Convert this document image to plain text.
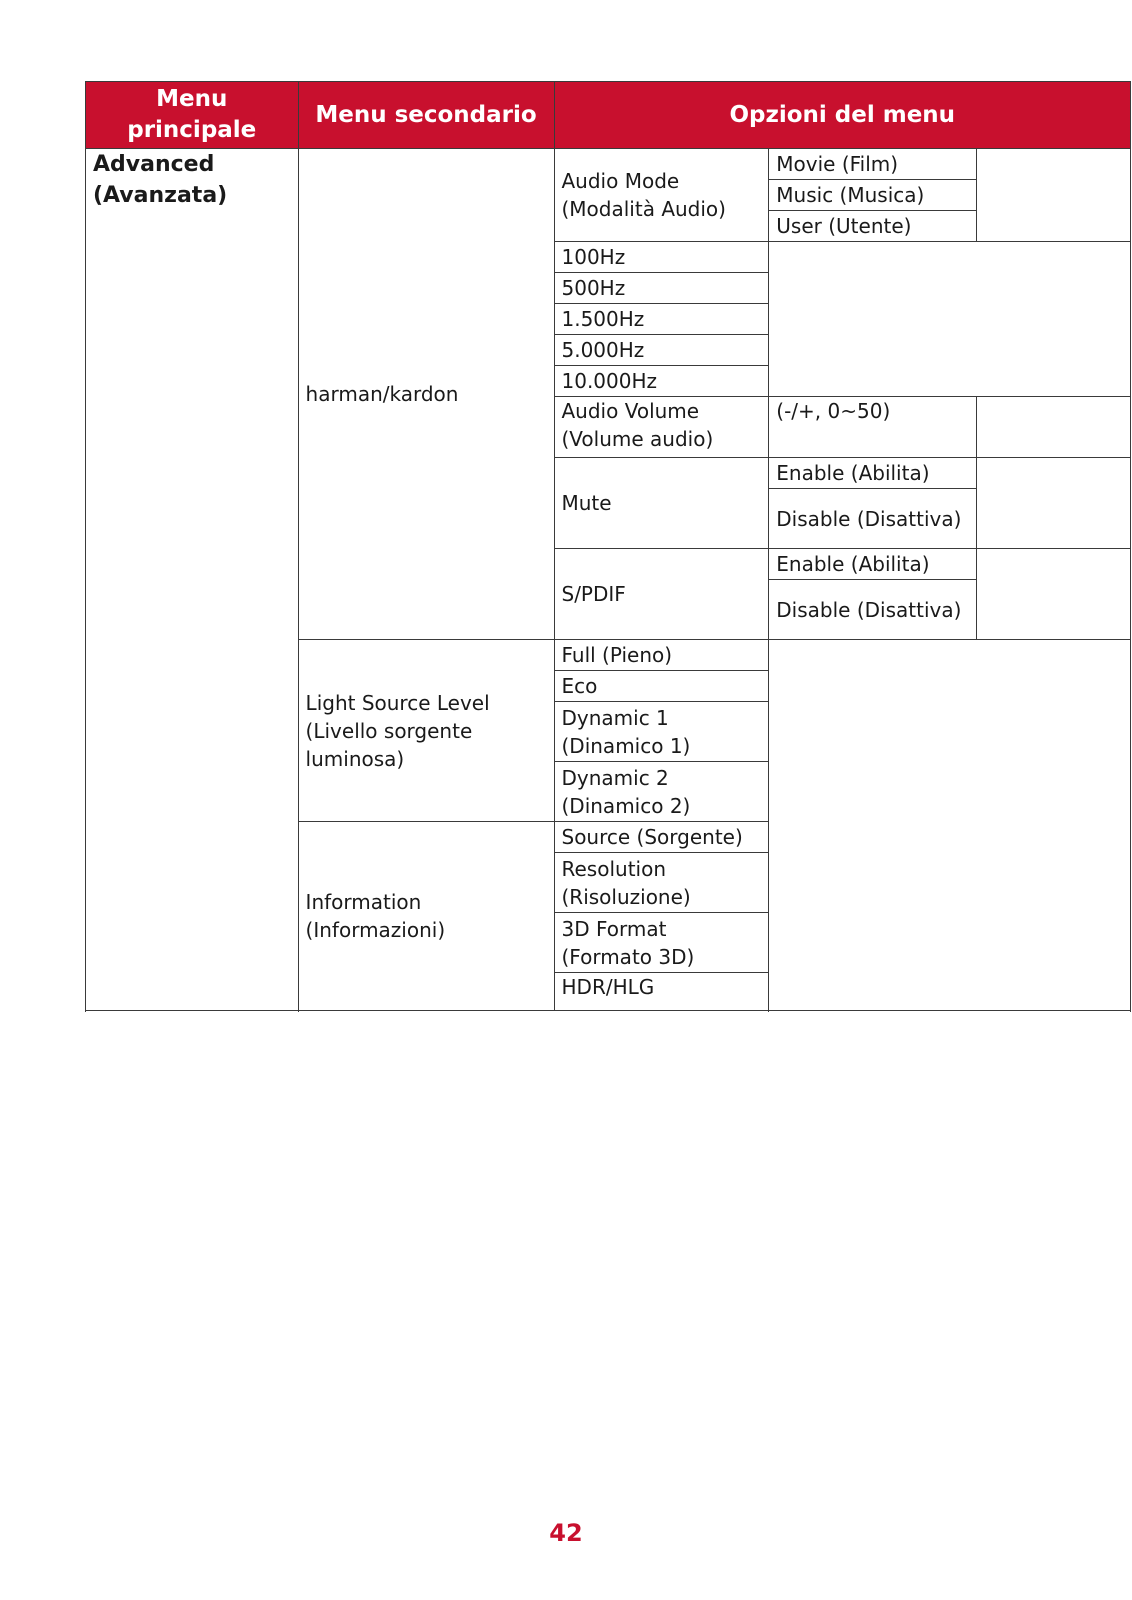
Menu principale	Menu secondario	Opzioni del menu		
Advanced (Avanzata)	harman/kardon	Audio Mode (Modalità Audio)	Movie (Film)	
			Music (Musica)	
			User (Utente)	
		100Hz		
		500Hz		
		1.500Hz		
		5.000Hz		
		10.000Hz		
		Audio Volume (Volume audio)	(-/+, 0~50)	
		Mute	Enable (Abilita)	
			Disable (Disattiva)	
		S/PDIF	Enable (Abilita)	
			Disable (Disattiva)	

	Light Source Level (Livello sorgente luminosa)	Full (Pieno)		
		Eco		
		Dynamic 1 (Dinamico 1)		
		Dynamic 2 (Dinamico 2)		
	Information (Informazioni)	Source (Sorgente)		
		Resolution (Risoluzione)		
		3D Format (Formato 3D)		
		HDR/HLG		

42
